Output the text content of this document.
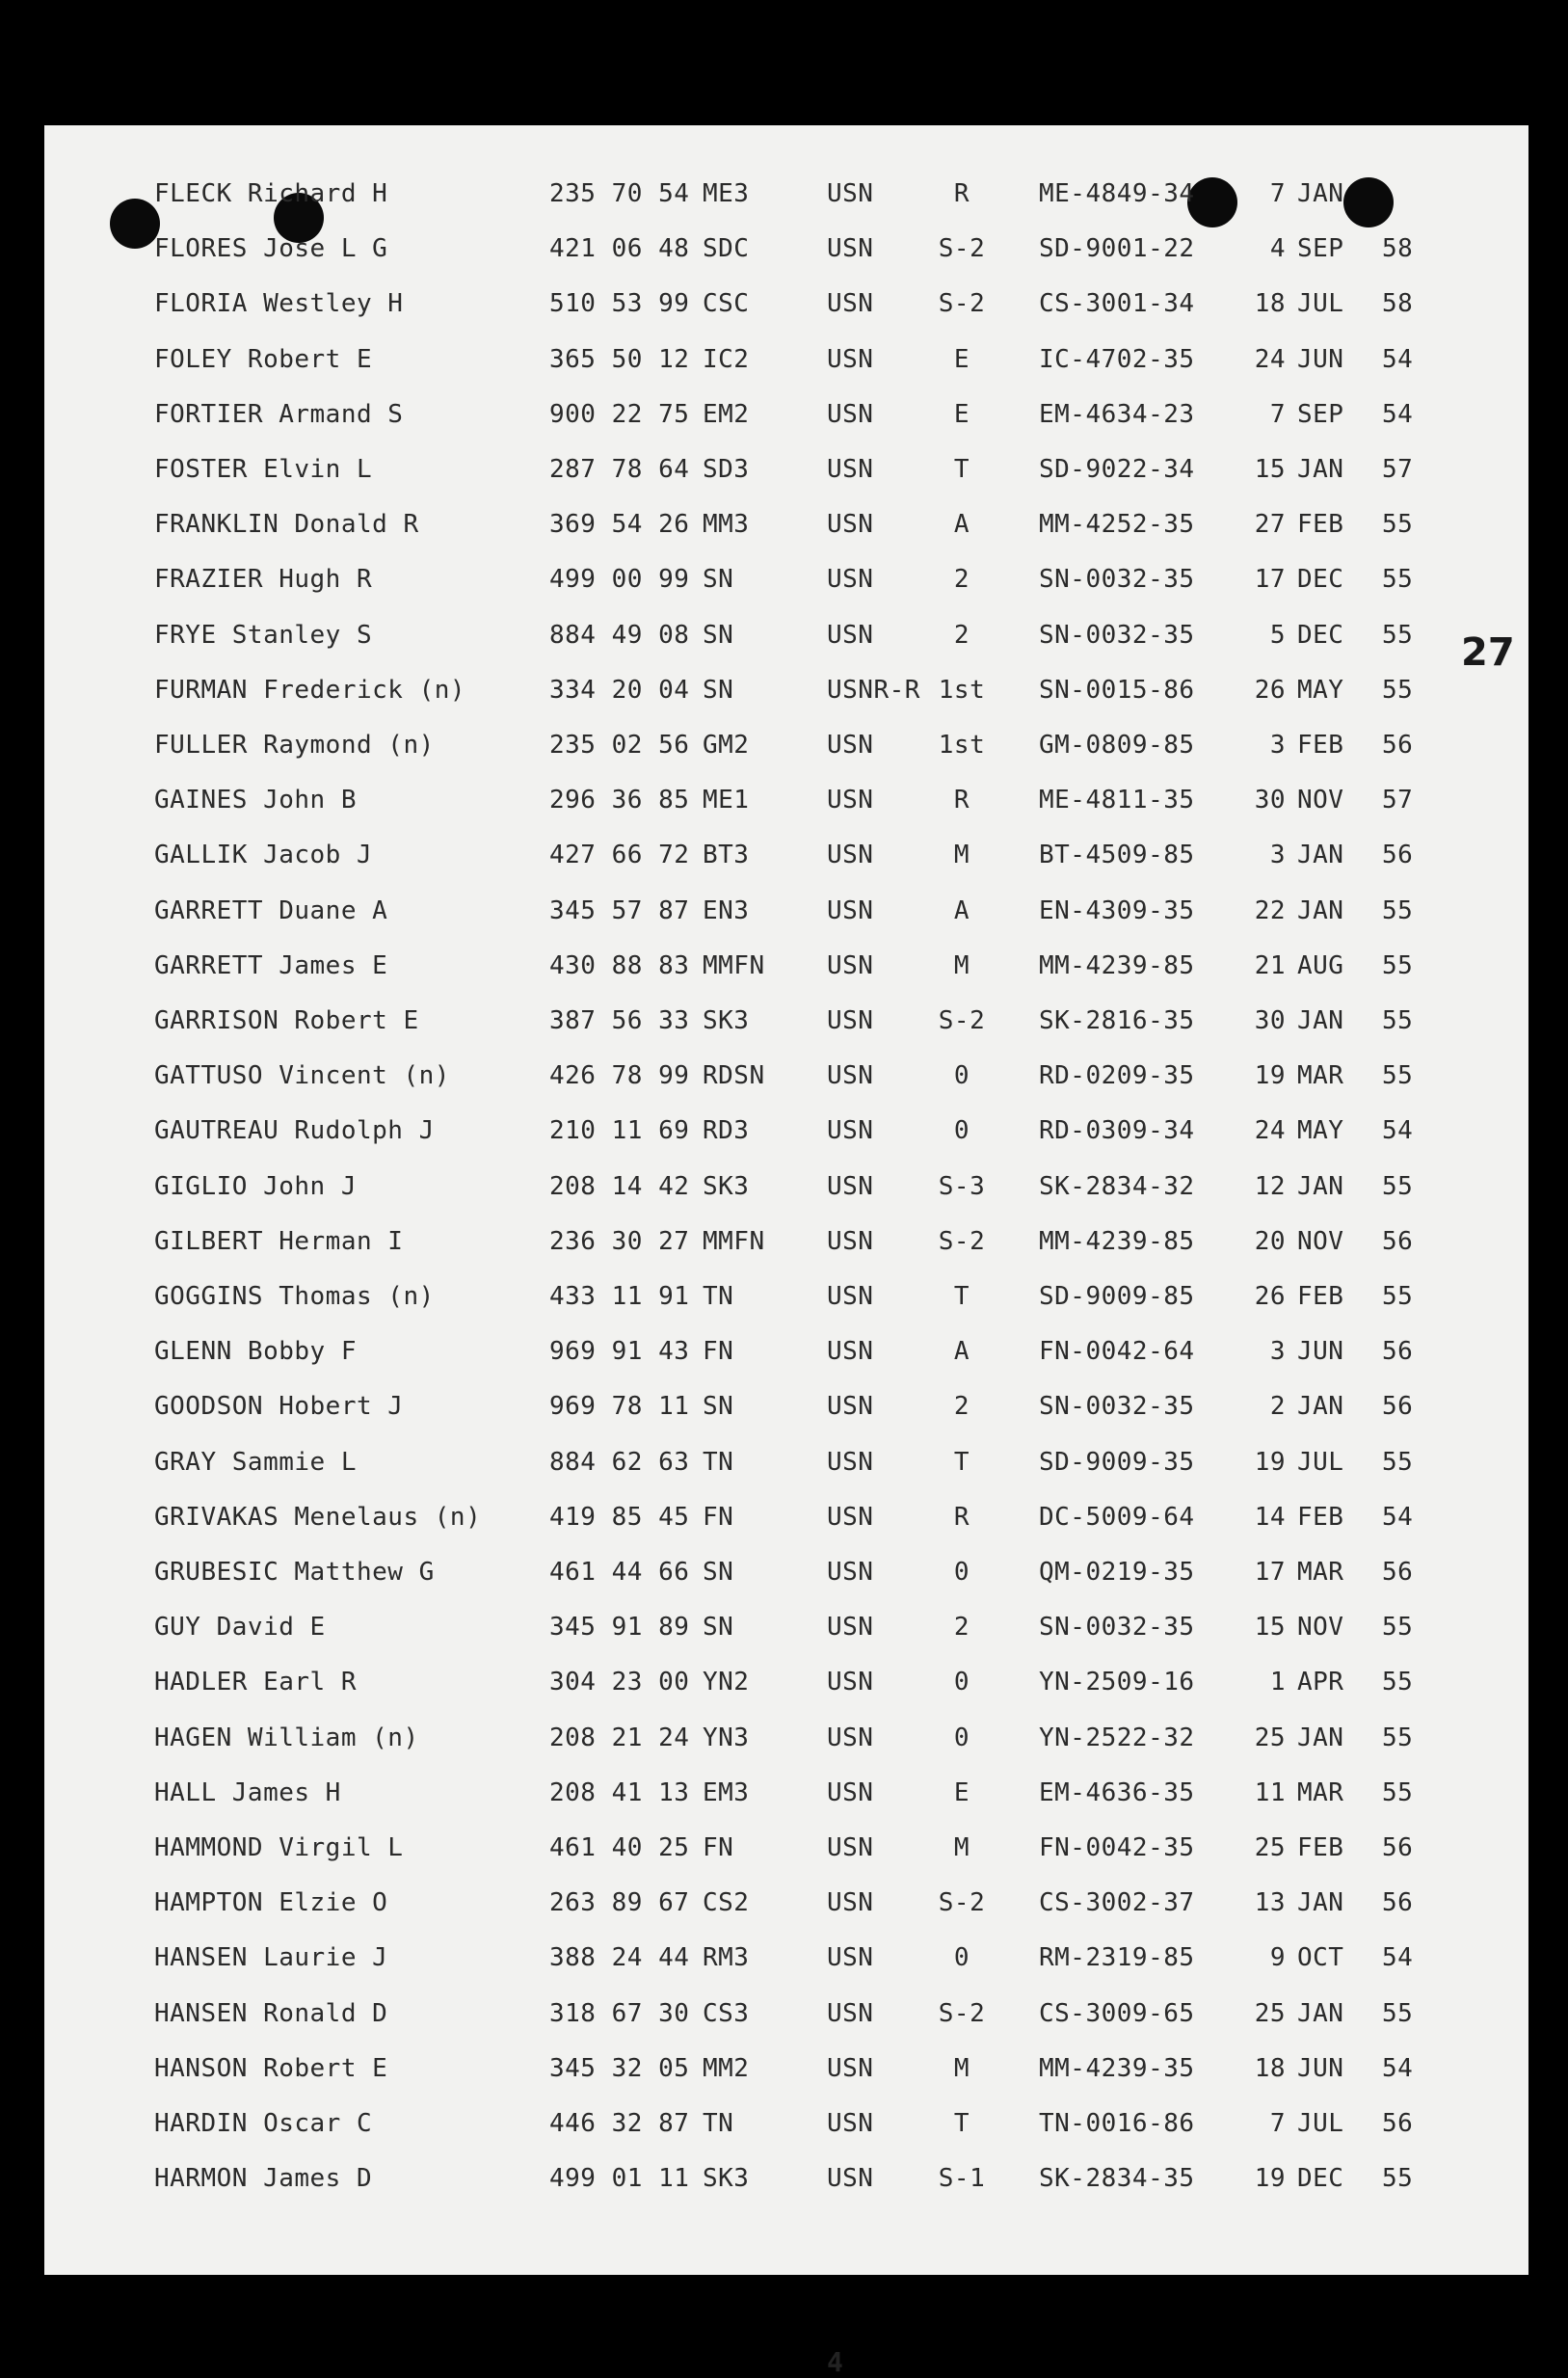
FLECK Richard H	235 70 54 ME3	USN	R	ME-4849-34	7 JAN
FLORES Jose L G	421 06 48 SDC	USN	S-2 SD-9001-22	4 SEP 58
FLORIA Westley H	510 53 99 CSC	USN	S-2 CS-3001-34	18 JUL 58
FOLEY Robert E	365 50 12 IC2	USN	E	IC-4702-35	24 JUN 54
FORTIER Armand S	900 22 75 EM2	USN	E	EM-4634-23	7 SEP 54
FOSTER Elvin L	287 78 64 SD3	USN	T	SD-9022-34	15 JAN 57
FRANKLIN Donald R	369 54 26 MM3	USN	A	MM-4252-35	27 FEB 55
FRAZIER Hugh R	499 00 99 SN	USN	2	SN-0032-35	17 DEC 55
FRYE Stanley S	884 49 08 SN	USN	2	SN-0032-35	5 DEC 55
FURMAN Frederick (n)	334 20 04 SN	USNR-R 1st SN-0015-86	26 MAY 55
FULLER Raymond (n)	235 02 56 GM2	USN	1st GM-0809-85	3 FEB 56
GAINES John B	296 36 85 ME1	USN	R	ME-4811-35	30 NOV 57
GALLIK Jacob J	427 66 72 BT3	USN	M	BT-4509-85	3 JAN 56
GARRETT Duane A	345 57 87 EN3	USN	A	EN-4309-35	22 JAN 55
GARRETT James E	430 88 83 MMFN USN	M	MM-4239-85	21 AUG 55
GARRISON Robert E	387 56 33 SK3	USN	S-2 SK-2816-35	30 JAN 55
GATTUSO Vincent (n)	426 78 99 RDSN USN	0	RD-0209-35	19 MAR 55
GAUTREAU Rudolph J	210 11 69 RD3	USN	0	RD-0309-34	24 MAY 54
GIGLIO John J	208 14 42 SK3	USN	S-3 SK-2834-32	12 JAN 55
GILBERT Herman I	236 30 27 MMFN USN	S-2 MM-4239-85	20 NOV 56
GOGGINS Thomas (n)	433 11 91 TN	USN	T	SD-9009-85	26 FEB 55
GLENN Bobby F	969 91 43 FN	USN	A	FN-0042-64	3 JUN 56
GOODSON Hobert J	969 78 11 SN	USN	2	SN-0032-35	2 JAN 56
GRAY Sammie L	884 62 63 TN	USN	T	SD-9009-35	19 JUL 55
GRIVAKAS Menelaus (n)	419 85 45 FN	USN	R	DC-5009-64	14 FEB 54
GRUBESIC Matthew G	461 44 66 SN	USN	0	QM-0219-35	17 MAR 56
GUY David E	345 91 89 SN	USN	2	SN-0032-35	15 NOV 55
HADLER Earl R	304 23 00 YN2	USN	0	YN-2509-16	1 APR 55
HAGEN William (n)	208 21 24 YN3	USN	0	YN-2522-32	25 JAN 55
HALL James H	208 41 13 EM3	USN	E	EM-4636-35	11 MAR 55
HAMMOND Virgil L	461 40 25 FN	USN	M	FN-0042-35	25 FEB 56
HAMPTON Elzie O	263 89 67 CS2	USN	S-2 CS-3002-37	13 JAN 56
HANSEN Laurie J	388 24 44 RM3	USN	0	RM-2319-85	9 OCT 54
HANSEN Ronald D	318 67 30 CS3	USN	S-2 CS-3009-65	25 JAN 55
HANSON Robert E	345 32 05 MM2	USN	M	MM-4239-35	18 JUN 54
HARDIN Oscar C	446 32 87 TN	USN	T	TN-0016-86	7 JUL 56
HARMON James D	499 01 11 SK3	USN	S-1 SK-2834-35	19 DEC 55
27
4
